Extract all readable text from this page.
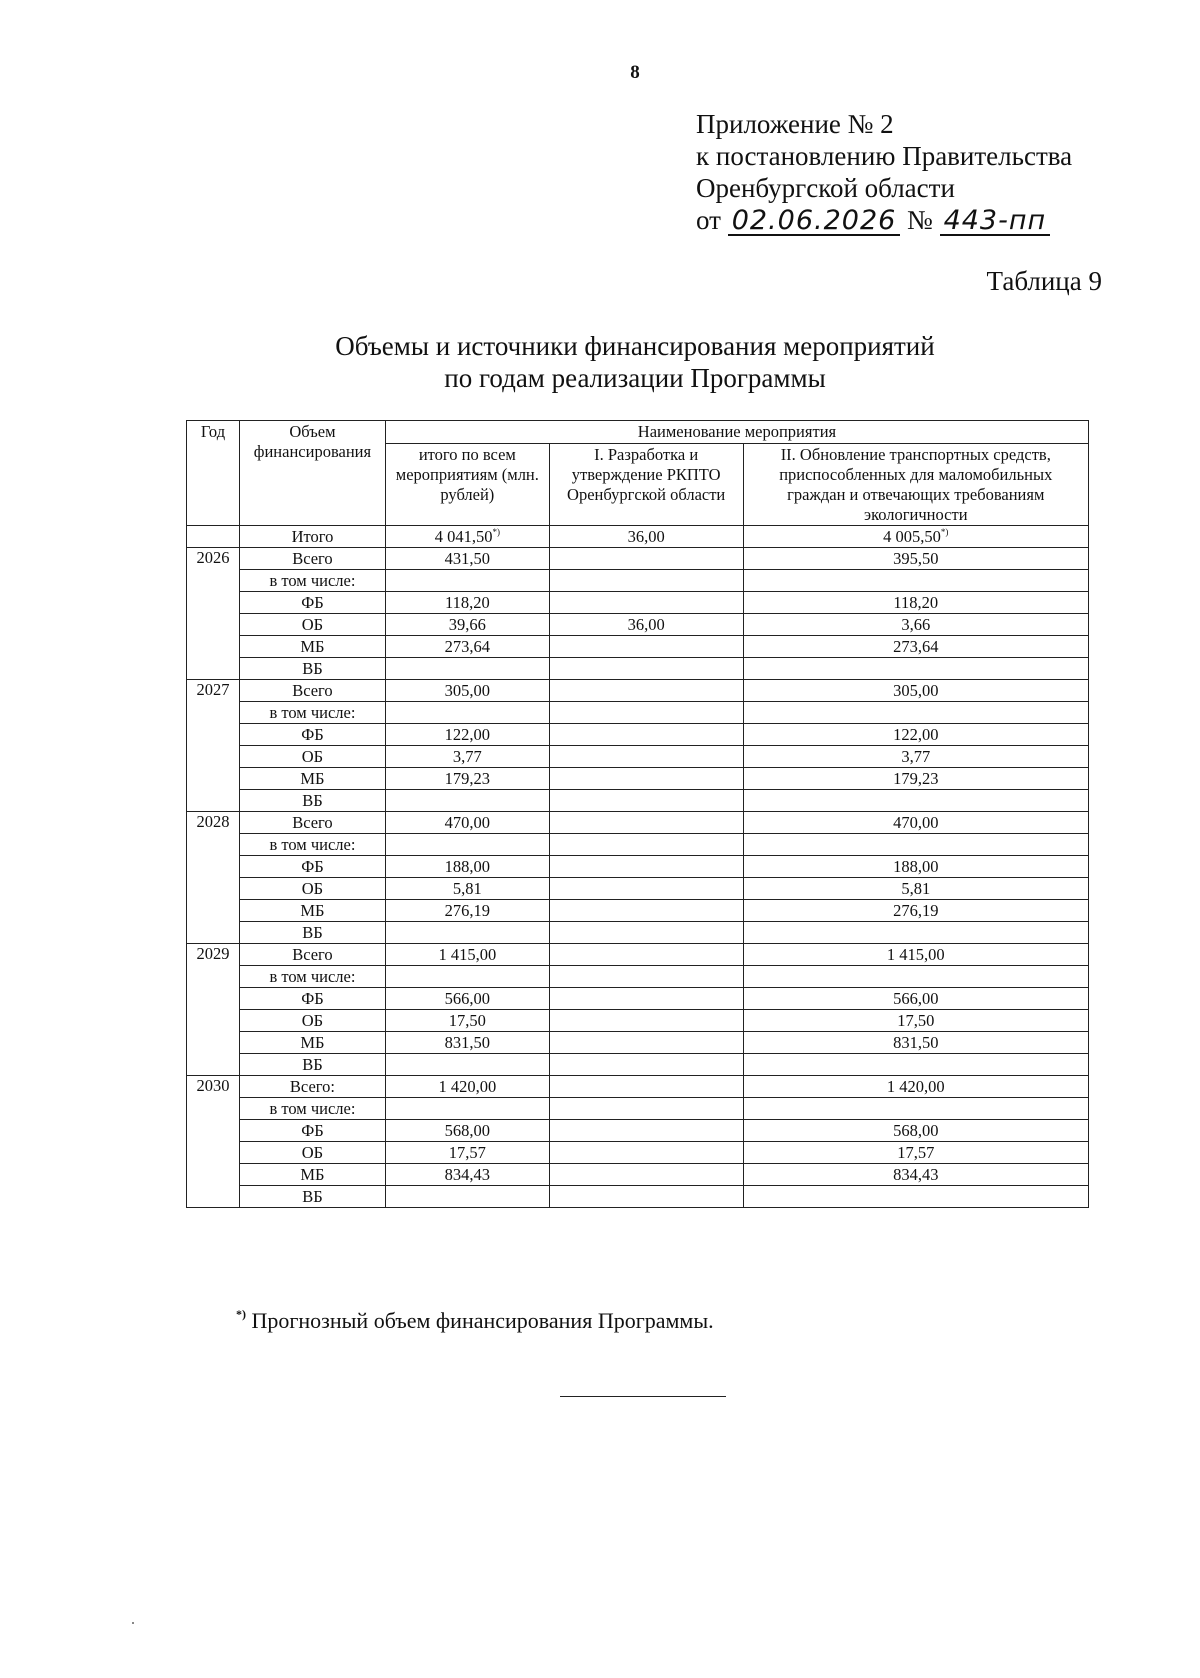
8
Приложение № 2
к постановлению Правительства
Оренбургской области
от 02.06.2026 № 443-пп
Таблица 9
Объемы и источники финансирования мероприятий
по годам реализации Программы
Год	Объем финансирования	Наименование мероприятия		
		итого по всем мероприятиям (млн. рублей)	I. Разработка и утверждение РКПТО Оренбургской области	II. Обновление транспортных средств, приспособленных для маломобильных граждан и отвечающих требованиям экологичности
	Итого	4 041,50*)	36,00	4 005,50*)
2026	Всего	431,50		395,50
	в том числе:			
	ФБ	118,20		118,20
	ОБ	39,66	36,00	3,66
	МБ	273,64		273,64
	ВБ			
2027	Всего	305,00		305,00
	в том числе:			
	ФБ	122,00		122,00
	ОБ	3,77		3,77
	МБ	179,23		179,23
	ВБ			
2028	Всего	470,00		470,00
	в том числе:			
	ФБ	188,00		188,00
	ОБ	5,81		5,81
	МБ	276,19		276,19
	ВБ			
2029	Всего	1 415,00		1 415,00
	в том числе:			
	ФБ	566,00		566,00
	ОБ	17,50		17,50
	МБ	831,50		831,50
	ВБ			
2030	Всего:	1 420,00		1 420,00
	в том числе:			
	ФБ	568,00		568,00
	ОБ	17,57		17,57
	МБ	834,43		834,43
	ВБ			
*) Прогнозный объем финансирования Программы.
